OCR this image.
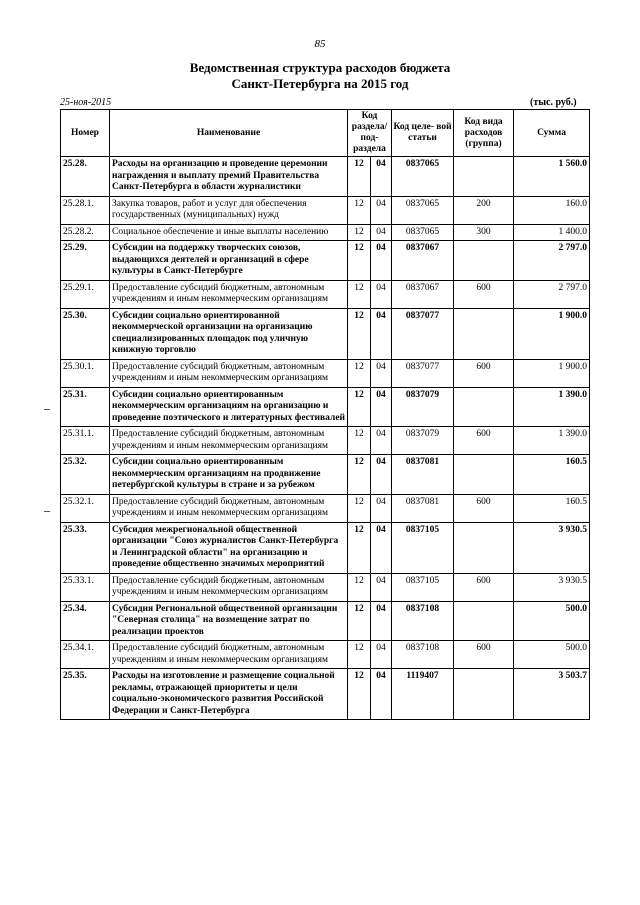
85
Ведомственная структура расходов бюджета
Санкт-Петербурга на 2015 год
25-ноя-2015	(тыс. руб.)
Номер	Наименование	Код раздела/ под- раздела		Код целе- вой статьи	Код вида расходов (группа)	Сумма
25.28.	Расходы на организацию и проведение церемонии награждения и выплату премий Правительства Санкт-Петербурга в области журналистики	12	04	0837065		1 560.0
25.28.1.	Закупка товаров, работ и услуг для обеспечения государственных (муниципальных) нужд	12	04	0837065	200	160.0
25.28.2.	Социальное обеспечение и иные выплаты населению	12	04	0837065	300	1 400.0
25.29.	Субсидии на поддержку творческих союзов, выдающихся деятелей и организаций в сфере культуры в Санкт-Петербурге	12	04	0837067		2 797.0
25.29.1.	Предоставление субсидий бюджетным, автономным учреждениям и иным некоммерческим организациям	12	04	0837067	600	2 797.0
25.30.	Субсидии социально ориентированной некоммерческой организации на организацию специализированных площадок под уличную книжную торговлю	12	04	0837077		1 900.0
25.30.1.	Предоставление субсидий бюджетным, автономным учреждениям и иным некоммерческим организациям	12	04	0837077	600	1 900.0
25.31.	Субсидии социально ориентированным некоммерческим организациям на организацию и проведение поэтического и литературных фестивалей	12	04	0837079		1 390.0
25.31.1.	Предоставление субсидий бюджетным, автономным учреждениям и иным некоммерческим организациям	12	04	0837079	600	1 390.0
25.32.	Субсидии социально ориентированным некоммерческим организациям на продвижение петербургской культуры в стране и за рубежом	12	04	0837081		160.5
25.32.1.	Предоставление субсидий бюджетным, автономным учреждениям и иным некоммерческим организациям	12	04	0837081	600	160.5
25.33.	Субсидия межрегиональной общественной организации "Союз журналистов Санкт-Петербурга и Ленинградской области" на организацию и проведение общественно значимых мероприятий	12	04	0837105		3 930.5
25.33.1.	Предоставление субсидий бюджетным, автономным учреждениям и иным некоммерческим организациям	12	04	0837105	600	3 930.5
25.34.	Субсидия Региональной общественной организации "Северная столица" на возмещение затрат по реализации проектов	12	04	0837108		500.0
25.34.1.	Предоставление субсидий бюджетным, автономным учреждениям и иным некоммерческим организациям	12	04	0837108	600	500.0
25.35.	Расходы на изготовление и размещение социальной рекламы, отражающей приоритеты и цели социально-экономического развития Российской Федерации и Санкт-Петербурга	12	04	1119407		3 503.7
